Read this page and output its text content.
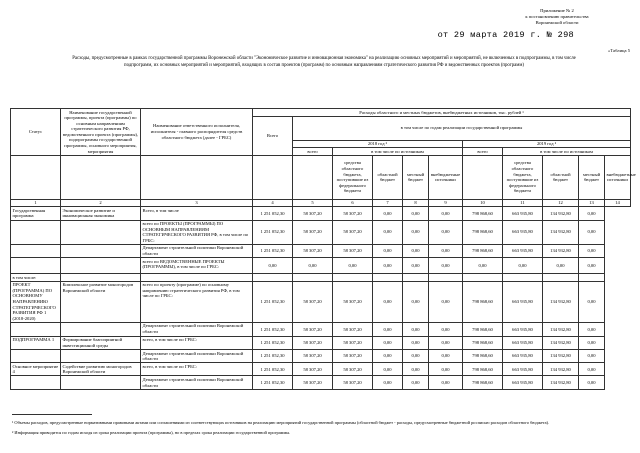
Приложение № 2
к постановлению правительства
Воронежской области
от 29 марта 2019 г. № 298
«Таблица 5
Расходы, предусмотренные в рамках государственной программы Воронежской области "Экономическое развитие и инновационная экономика" на реализацию основных мероприятий и мероприятий, не включенных в подпрограммы, в том числе подпрограмм, их основных мероприятий и мероприятий, входящих в состав проектов (программ) по основным направлениям стратегического развития РФ и ведомственных проектов (программ)
Статус	Наименование государственной программы, проекта (программы) по основным направлениям стратегического развития РФ, ведомственного проекта (программы), подпрограммы государственной программы, основного мероприятия, мероприятия	Наименование ответственного исполнителя, исполнителя - главного распорядителя средств областного бюджета (далее - ГРБС)	Расходы областного и местных бюджетов, внебюджетных источников, тыс. рублей ¹										
			Всего	в том числе по годам реализации государственной программы									
				2018 год ²					2019 год ²				
				всего	в том числе по источникам				всего	в том числе по источникам			
					средства областного бюджета, поступившие из федерального бюджета	областной бюджет	местный бюджет	внебюджетные источники		средства областного бюджета, поступившие из федерального бюджета	областной бюджет	местный бюджет	внебюджетные источники
1	2	3	4	5	6	7	8	9	10	11	12	13	14
Государственная программа	Экономическое развитие и инновационная экономика	Всего, в том числе	1 251 052,30	58 307,20	58 307,20	0,00	0,00	0,00	798 868,60	663 935,80	134 932,80	0,00	
		всего по ПРОЕКТЫ (ПРОГРАММЫ) ПО ОСНОВНЫМ НАПРАВЛЕНИЯМ СТРАТЕГИЧЕСКОГО РАЗВИТИЯ РФ, в том числе по ГРБС:	1 251 052,30	58 307,20	58 307,20	0,00	0,00	0,00	798 868,60	663 935,80	134 932,80	0,00	
		Департамент строительной политики Воронежской области	1 251 052,30	58 307,20	58 307,20	0,00	0,00	0,00	798 868,60	663 935,80	134 932,80	0,00	
		всего по ВЕДОМСТВЕННЫЕ ПРОЕКТЫ (ПРОГРАММЫ), в том числе по ГРБС:	0,00	0,00	0,00	0,00	0,00	0,00	0,00	0,00	0,00	0,00	
в том числе:													
ПРОЕКТ (ПРОГРАММА) ПО ОСНОВНОМУ НАПРАВЛЕНИЮ СТРАТЕГИЧЕСКОГО РАЗВИТИЯ РФ 1 (2018-2020)	Комплексное развитие моногородов Воронежской области	всего по проекту (программе) по основному направлению стратегического развития РФ, в том числе по ГРБС:	1 251 052,30	58 307,20	58 307,20	0,00	0,00	0,00	798 868,60	663 935,80	134 932,80	0,00	
		Департамент строительной политики Воронежской области	1 251 052,30	58 307,20	58 307,20	0,00	0,00	0,00	798 868,60	663 935,80	134 932,80	0,00	
ПОДПРОГРАММА 1	Формирование благоприятной инвестиционной среды	всего, в том числе по ГРБС:	1 251 052,30	58 307,20	58 307,20	0,00	0,00	0,00	798 868,60	663 935,80	134 932,80	0,00	
		Департамент строительной политики Воронежской области	1 251 052,30	58 307,20	58 307,20	0,00	0,00	0,00	798 868,60	663 935,80	134 932,80	0,00	
Основное мероприятие 4	Содействие развитию моногородов Воронежской области	всего, в том числе по ГРБС:	1 251 052,30	58 307,20	58 307,20	0,00	0,00	0,00	798 868,60	663 935,80	134 932,80	0,00	
		Департамент строительной политики Воронежской области	1 251 052,30	58 307,20	58 307,20	0,00	0,00	0,00	798 868,60	663 935,80	134 932,80	0,00	

¹ Объемы расходов, предусмотренные нормативными правовыми актами или соглашениями из соответствующих источников на реализацию мероприятий государственной программы (областной бюджет - расходы, предусмотренные бюджетной росписью расходов областного бюджета).

² Информация приводится по годам исходя из срока реализации проекта (программы), но в пределах срока реализации государственной программы.
